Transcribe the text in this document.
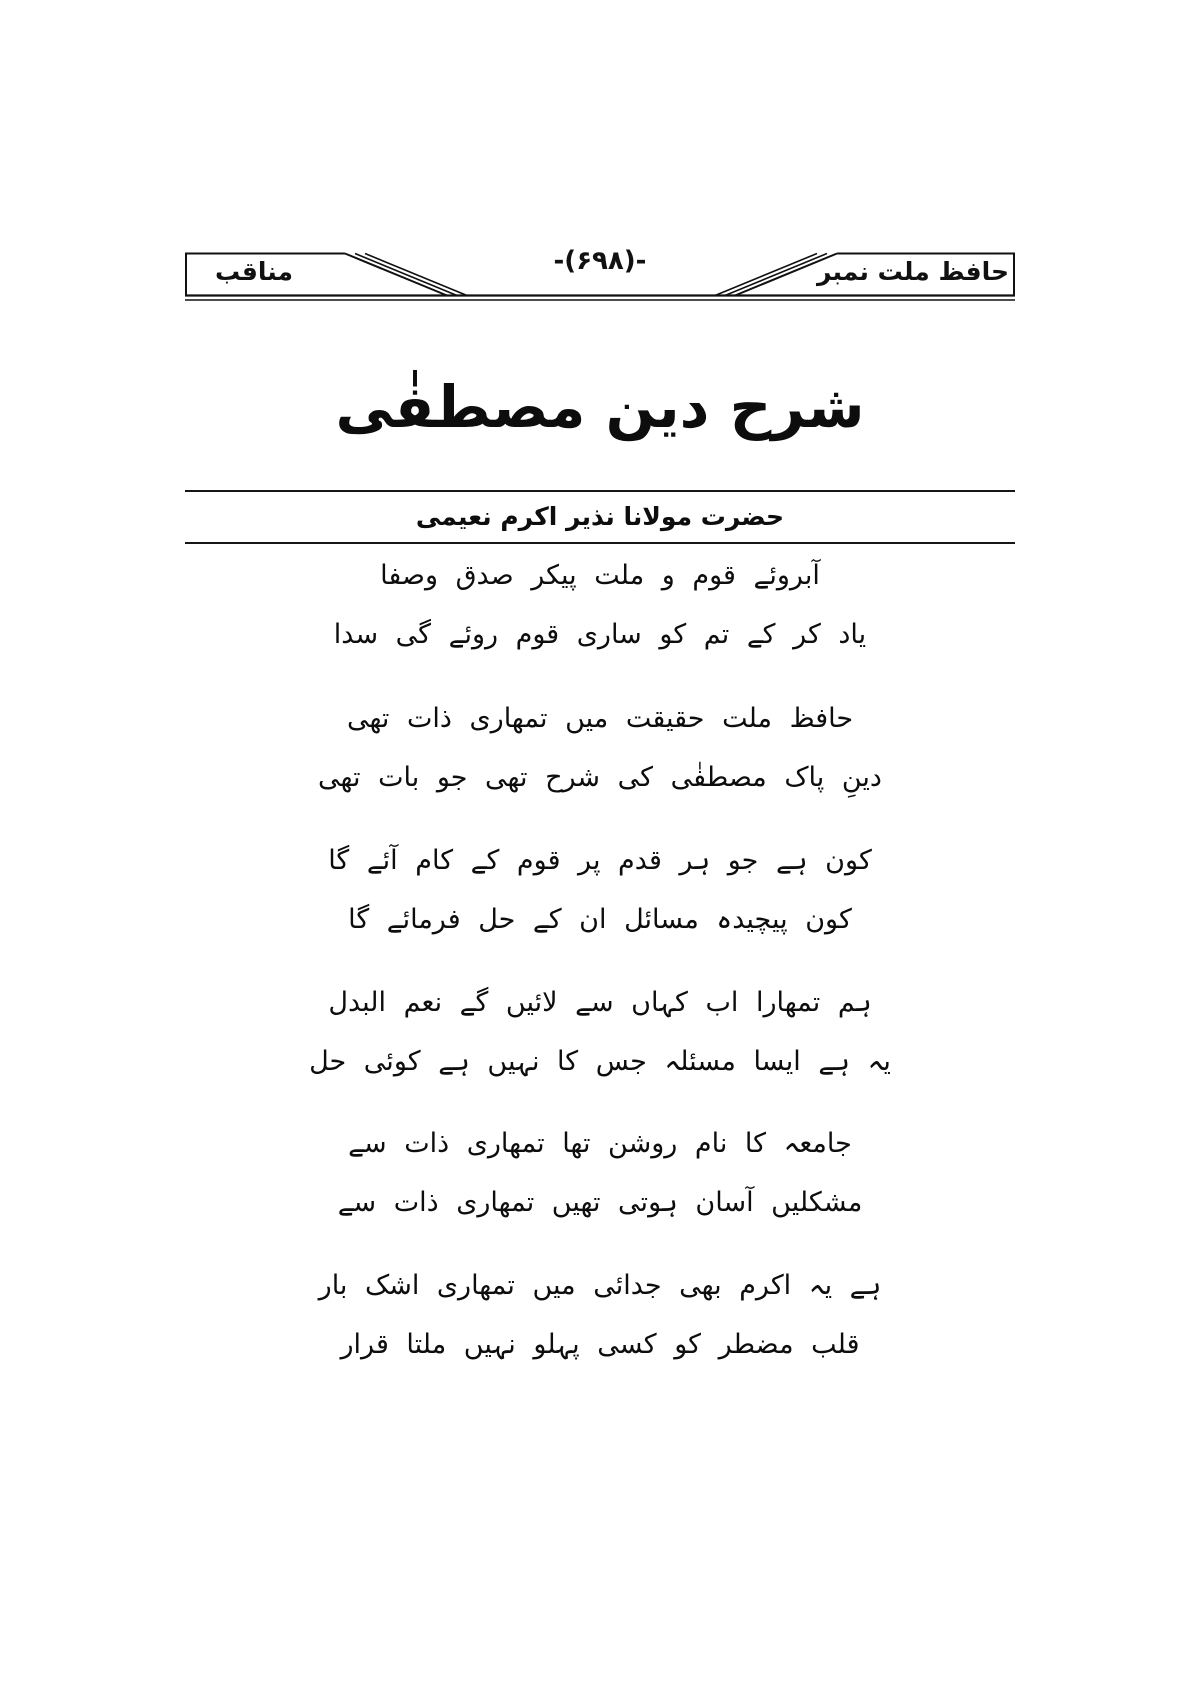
مناقب	-(۶۹۸)-	حافظ ملت نمبر
شرح دین مصطفٰی
حضرت مولانا نذیر اکرم نعیمی
آبروئے قوم و ملت پیکر صدق وصفا
یاد کر کے تم کو ساری قوم روئے گی سدا
حافظ ملت حقیقت میں تمھاری ذات تھی
دینِ پاک مصطفٰی کی شرح تھی جو بات تھی
کون ہے جو ہر قدم پر قوم کے کام آئے گا
کون پیچیدہ مسائل ان کے حل فرمائے گا
ہم تمھارا اب کہاں سے لائیں گے نعم البدل
یہ ہے ایسا مسئلہ جس کا نہیں ہے کوئی حل
جامعہ کا نام روشن تھا تمھاری ذات سے
مشکلیں آسان ہوتی تھیں تمھاری ذات سے
ہے یہ اکرم بھی جدائی میں تمھاری اشک بار
قلب مضطر کو کسی پہلو نہیں ملتا قرار
